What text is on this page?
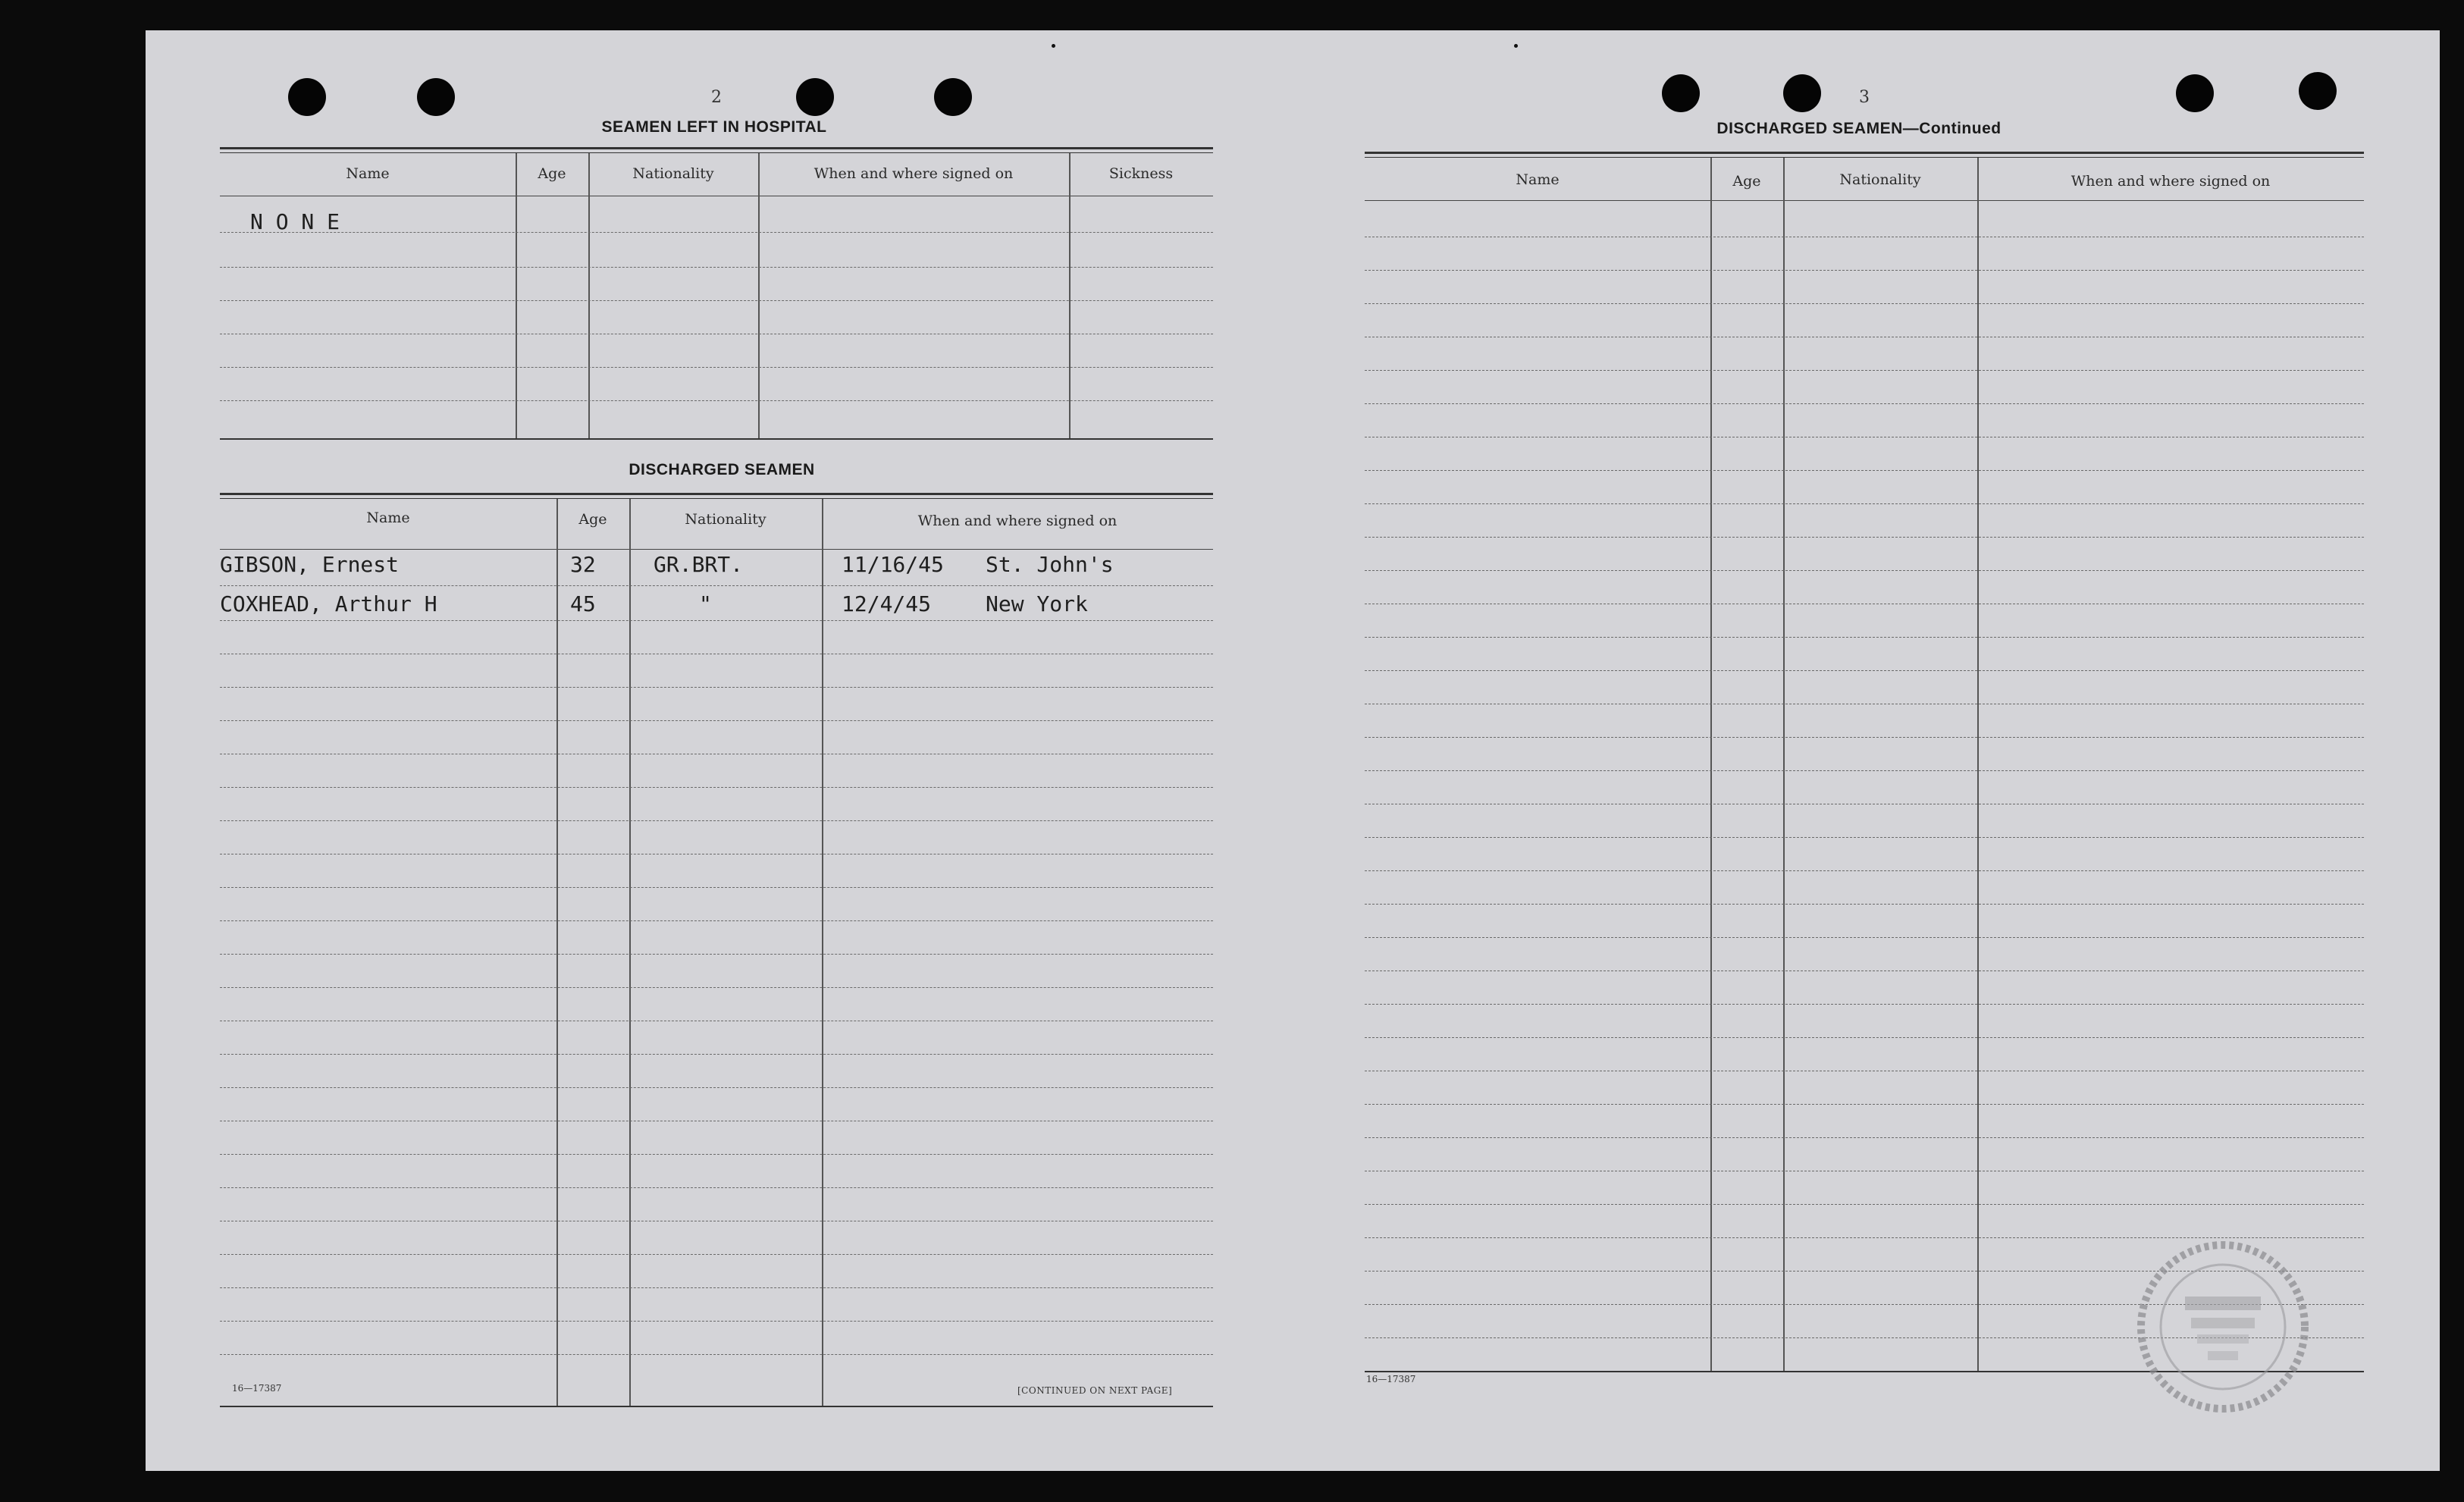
2
SEAMEN LEFT IN HOSPITAL
Name	Age	Nationality	When and where signed on	Sickness
N O N E
DISCHARGED SEAMEN
Name	Age	Nationality	When and where signed on
GIBSON, Ernest	32	GR.BRT.	11/16/45 St. John's
COXHEAD, Arthur H	45	"	12/4/45	New York
16—17387	[CONTINUED ON NEXT PAGE]
3
DISCHARGED SEAMEN—Continued
Name	Age	Nationality	When and where signed on
16—17387
